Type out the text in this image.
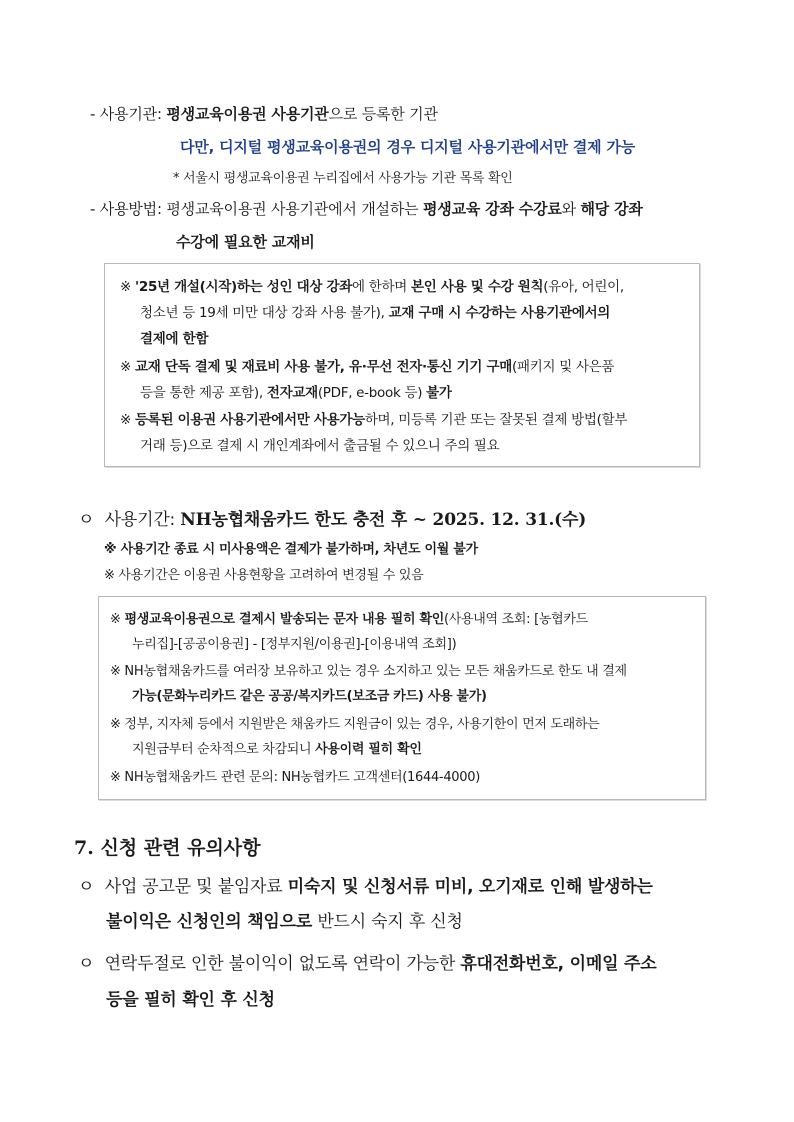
- 사용기관: 평생교육이용권 사용기관으로 등록한 기관
다만, 디지털 평생교육이용권의 경우 디지털 사용기관에서만 결제 가능
* 서울시 평생교육이용권 누리집에서 사용가능 기관 목록 확인
- 사용방법: 평생교육이용권 사용기관에서 개설하는 평생교육 강좌 수강료와 해당 강좌
수강에 필요한 교재비
※ '25년 개설(시작)하는 성인 대상 강좌에 한하며 본인 사용 및 수강 원칙(유아, 어린이,
청소년 등 19세 미만 대상 강좌 사용 불가), 교재 구매 시 수강하는 사용기관에서의
결제에 한함
※ 교재 단독 결제 및 재료비 사용 불가, 유·무선 전자·통신 기기 구매(패키지 및 사은품
등을 통한 제공 포함), 전자교재(PDF, e-book 등) 불가
※ 등록된 이용권 사용기관에서만 사용가능하며, 미등록 기관 또는 잘못된 결제 방법(할부
거래 등)으로 결제 시 개인계좌에서 출금될 수 있으니 주의 필요
ㅇ 사용기간: NH농협채움카드 한도 충전 후 ~ 2025. 12. 31.(수)
※ 사용기간 종료 시 미사용액은 결제가 불가하며, 차년도 이월 불가
※ 사용기간은 이용권 사용현황을 고려하여 변경될 수 있음
※ 평생교육이용권으로 결제시 발송되는 문자 내용 필히 확인(사용내역 조회: [농협카드
누리집]-[공공이용권] - [정부지원/이용권]-[이용내역 조회])
※ NH농협채움카드를 여러장 보유하고 있는 경우 소지하고 있는 모든 채움카드로 한도 내 결제
가능(문화누리카드 같은 공공/복지카드(보조금 카드) 사용 불가)
※ 정부, 지자체 등에서 지원받은 채움카드 지원금이 있는 경우, 사용기한이 먼저 도래하는
지원금부터 순차적으로 차감되니 사용이력 필히 확인
※ NH농협채움카드 관련 문의: NH농협카드 고객센터(1644-4000)
7. 신청 관련 유의사항
ㅇ 사업 공고문 및 붙임자료 미숙지 및 신청서류 미비, 오기재로 인해 발생하는
불이익은 신청인의 책임으로 반드시 숙지 후 신청
ㅇ 연락두절로 인한 불이익이 없도록 연락이 가능한 휴대전화번호, 이메일 주소
등을 필히 확인 후 신청
